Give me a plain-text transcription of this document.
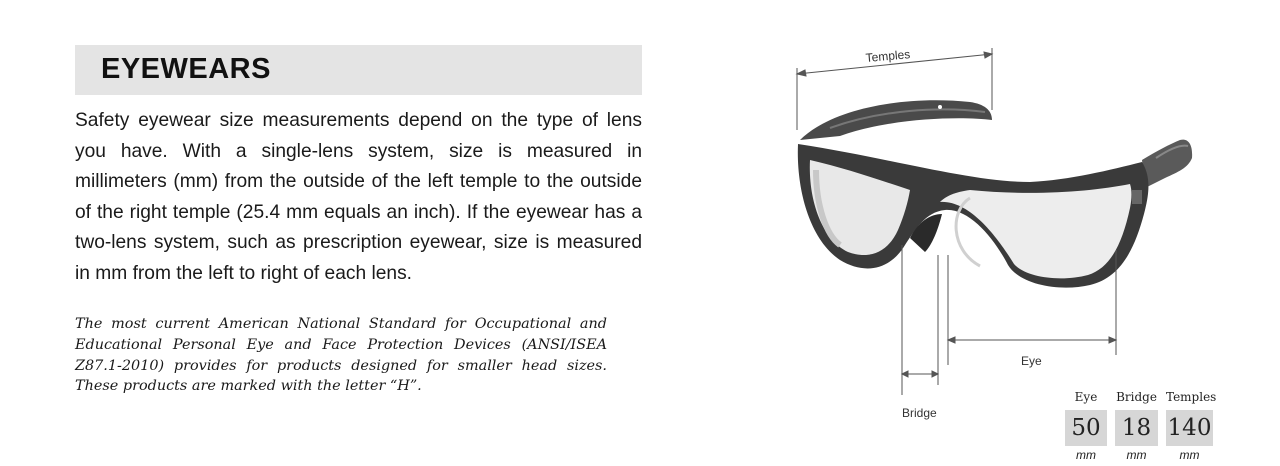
EYEWEARS

Safety eyewear size measurements depend on the type of lens you have. With a single-lens system, size is measured in millimeters (mm) from the outside of the left temple to the outside of the right temple (25.4 mm equals an inch). If the eyewear has a two-lens system, such as prescription eyewear, size is measured in mm from the left to right of each lens.

The most current American National Standard for Occupational and Educational Personal Eye and Face Protection Devices (ANSI/ISEA Z87.1-2010) provides for products designed for smaller head sizes. These products are marked with the letter “H”.

Temples
Bridge
Eye
Eye
50
mm
Bridge
18
mm
Temples
140
mm
